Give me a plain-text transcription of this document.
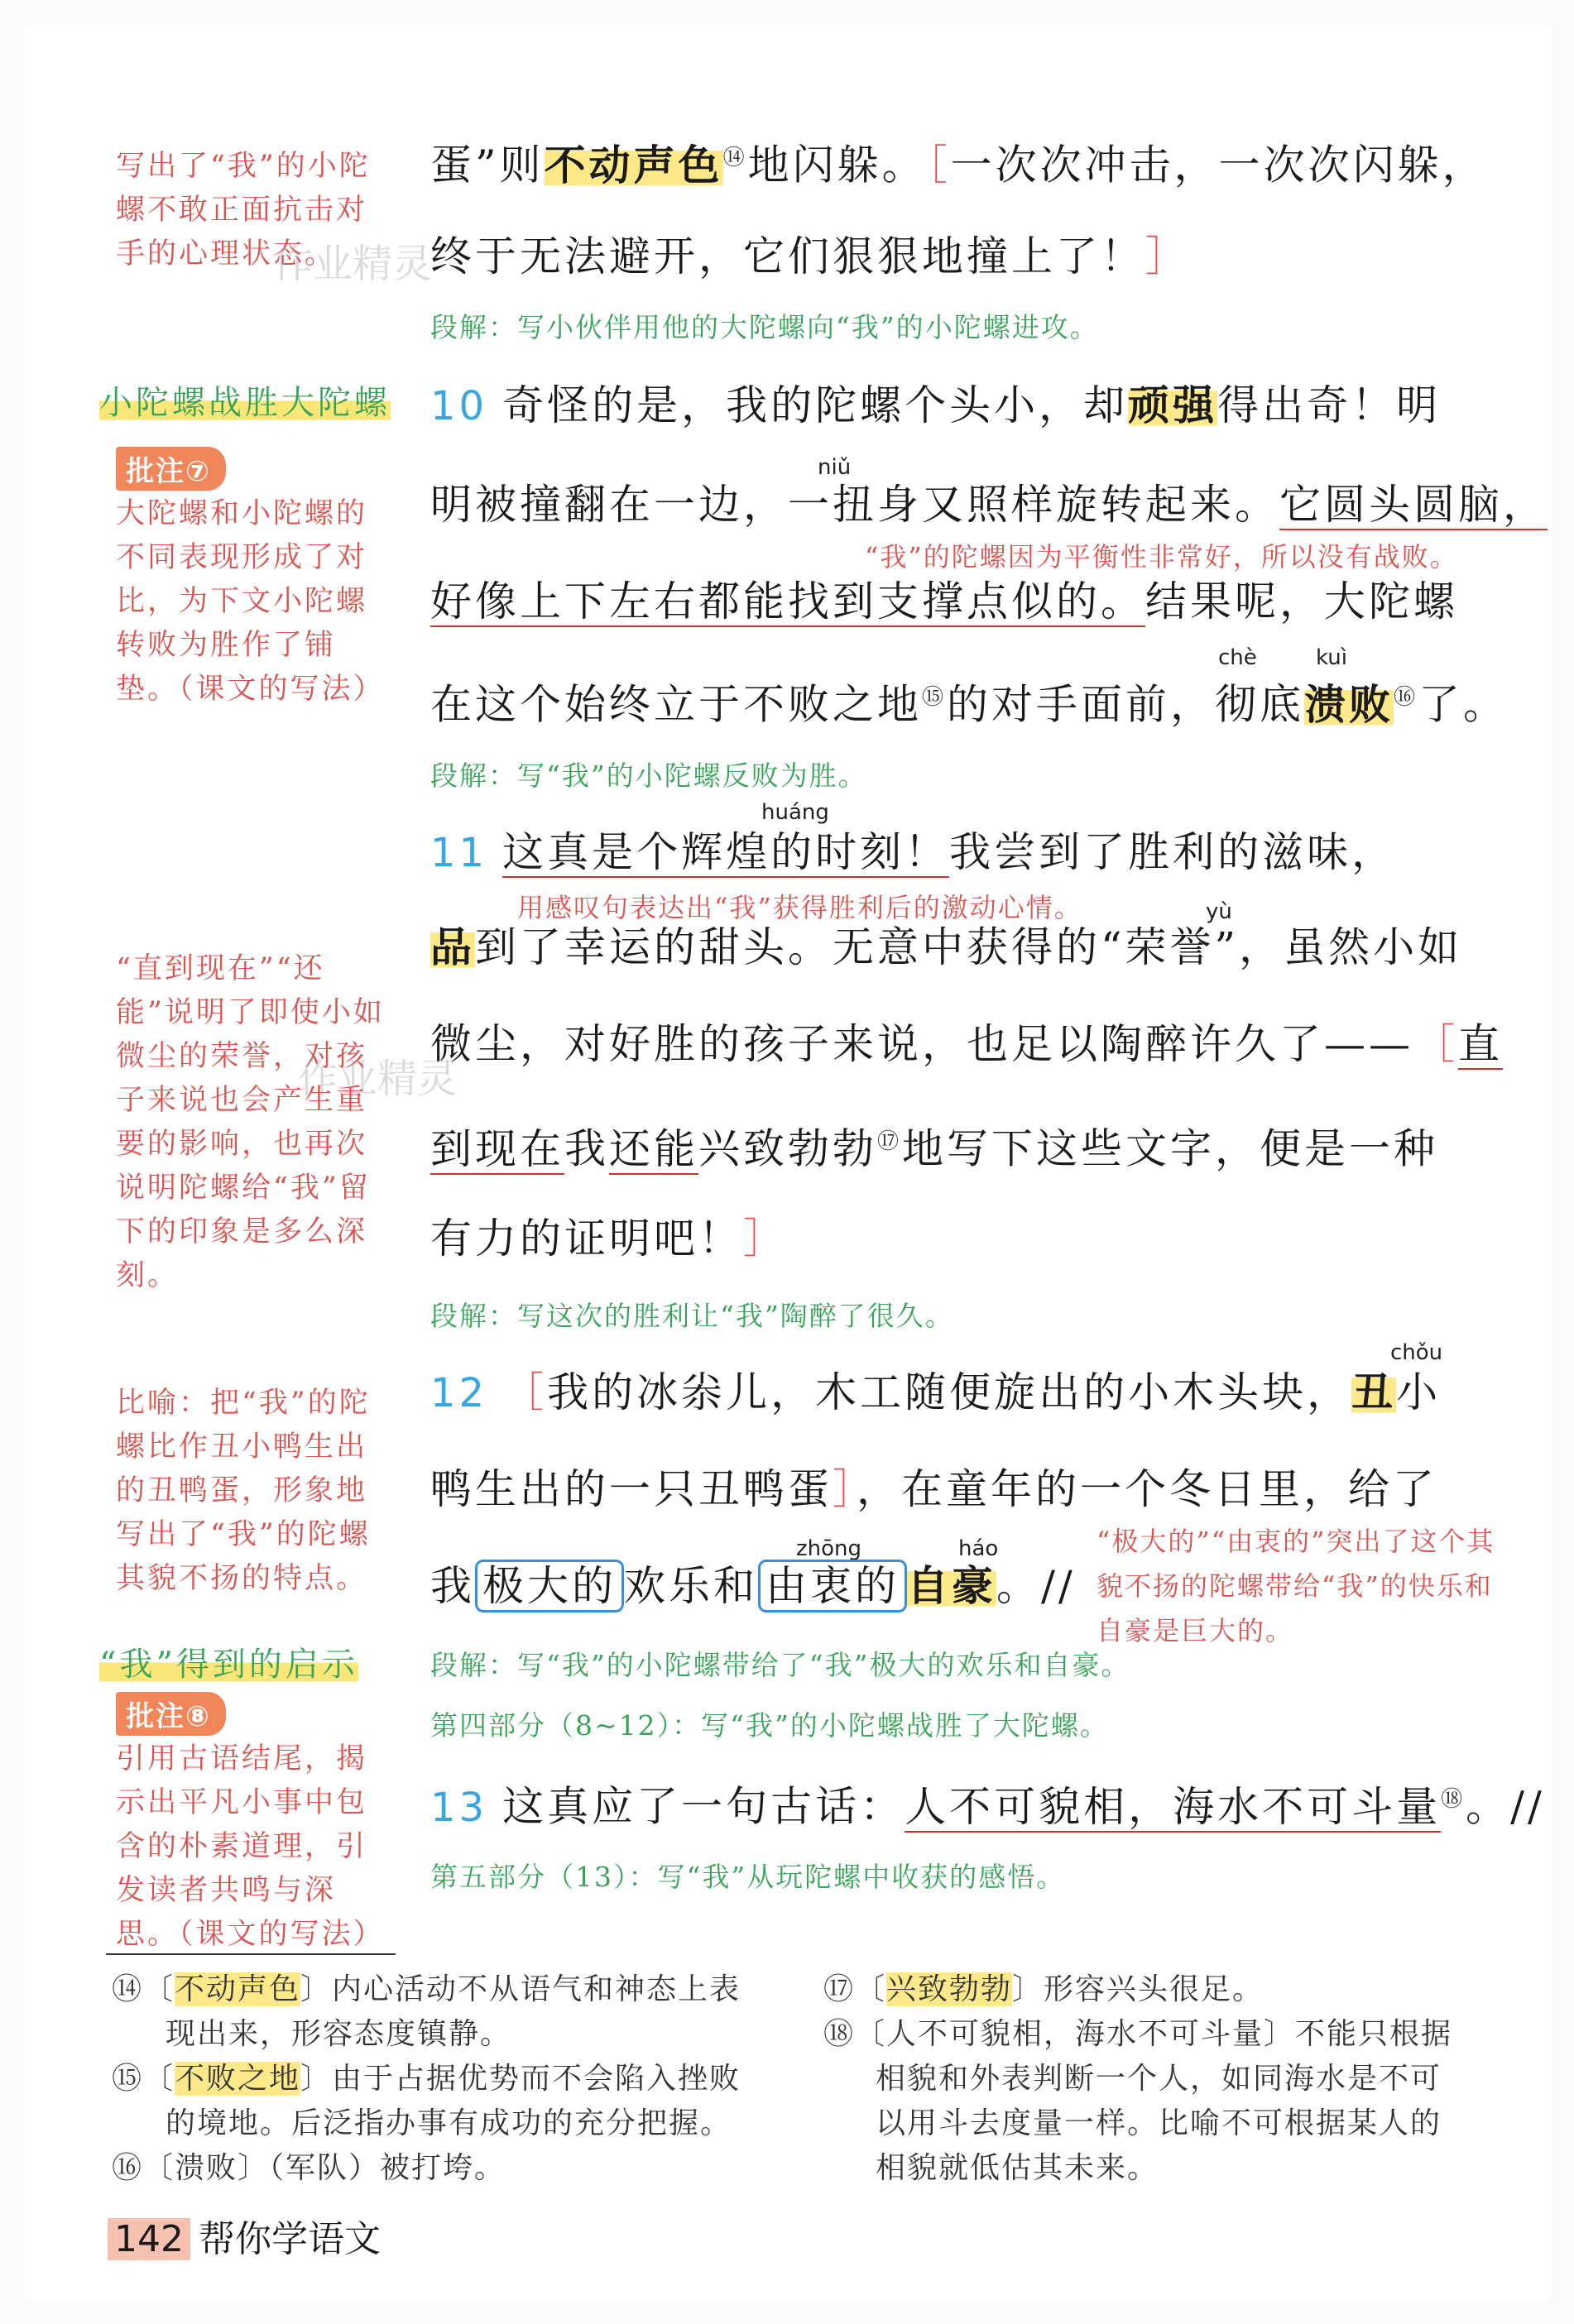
写出了“我”的小陀螺不敢正面抗击对手的心理状态。
小陀螺战胜大陀螺
批注⑦
大陀螺和小陀螺的不同表现形成了对比，为下文小陀螺转败为胜作了铺垫。（课文的写法）
“直到现在”“还能”说明了即使小如微尘的荣誉，对孩子来说也会产生重要的影响，也再次说明陀螺给“我”留下的印象是多么深刻。
比喻：把“我”的陀螺比作丑小鸭生出的丑鸭蛋，形象地写出了“我”的陀螺其貌不扬的特点。
“我”得到的启示
批注⑧
引用古语结尾，揭示出平凡小事中包含的朴素道理，引发读者共鸣与深思。（课文的写法）
蛋”则不动声色⑭地闪躲。［一次次冲击，一次次闪躲，
终于无法避开，它们狠狠地撞上了！］
段解：写小伙伴用他的大陀螺向“我”的小陀螺进攻。
10 奇怪的是，我的陀螺个头小，却顽强得出奇！明
niǔ
明被撞翻在一边，一扭身又照样旋转起来。它圆头圆脑，
“我”的陀螺因为平衡性非常好，所以没有战败。
好像上下左右都能找到支撑点似的。结果呢，大陀螺
chè	kuì
在这个始终立于不败之地⑮的对手面前，彻底溃败⑯了。
段解：写“我”的小陀螺反败为胜。
huáng
11 这真是个辉煌的时刻！我尝到了胜利的滋味，
用感叹句表达出“我”获得胜利后的激动心情。	yù
品到了幸运的甜头。无意中获得的“荣誉”，虽然小如
微尘，对好胜的孩子来说，也足以陶醉许久了——［直
到现在我还能兴致勃勃⑰地写下这些文字，便是一种
有力的证明吧！］
段解：写这次的胜利让“我”陶醉了很久。
chǒu
12 ［我的冰尜儿，木工随便旋出的小木头块，丑小
鸭生出的一只丑鸭蛋］，在童年的一个冬日里，给了
zhōng	háo
我 极大的 欢乐和 由衷的 自豪。//
“极大的”“由衷的”突出了这个其貌不扬的陀螺带给“我”的快乐和自豪是巨大的。
段解：写“我”的小陀螺带给了“我”极大的欢乐和自豪。
第四部分（8~12）：写“我”的小陀螺战胜了大陀螺。
13 这真应了一句古话：人不可貌相，海水不可斗量⑱。//
第五部分（13）：写“我”从玩陀螺中收获的感悟。
⑭〔不动声色〕内心活动不从语气和神态上表
现出来，形容态度镇静。
⑮〔不败之地〕由于占据优势而不会陷入挫败
的境地。后泛指办事有成功的充分把握。
⑯〔溃败〕（军队）被打垮。
⑰〔兴致勃勃〕形容兴头很足。
⑱〔人不可貌相，海水不可斗量〕不能只根据
相貌和外表判断一个人，如同海水是不可
以用斗去度量一样。比喻不可根据某人的
相貌就低估其未来。
142 帮你学语文
作业精灵
作业精灵
